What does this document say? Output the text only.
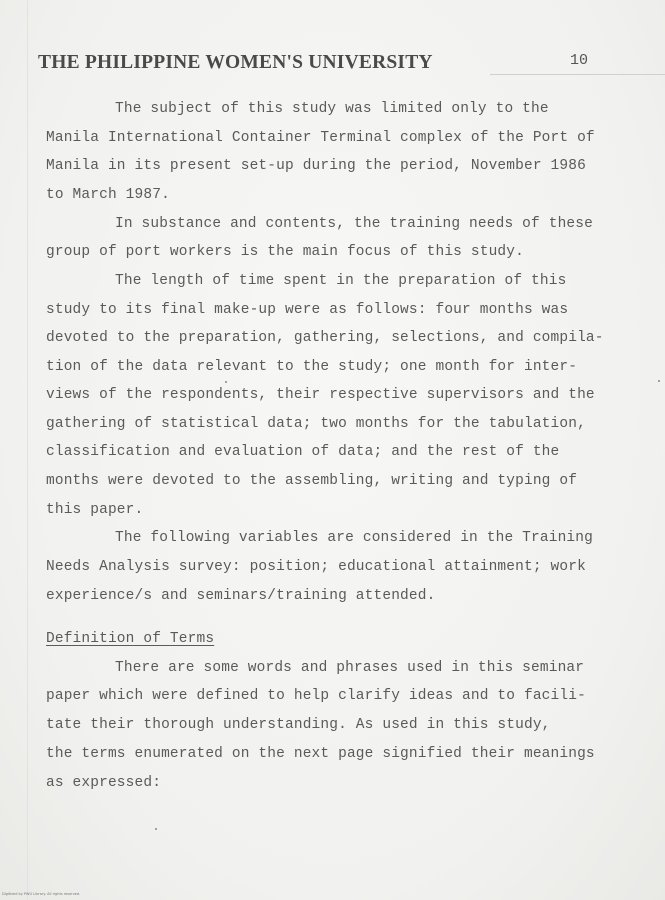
THE PHILIPPINE WOMEN'S UNIVERSITY	10
The subject of this study was limited only to the
Manila International Container Terminal complex of the Port of
Manila in its present set-up during the period, November 1986
to March 1987.
In substance and contents, the training needs of these
group of port workers is the main focus of this study.
The length of time spent in the preparation of this
study to its final make-up were as follows: four months was
devoted to the preparation, gathering, selections, and compila-
tion of the data relevant to the study; one month for inter-
views of the respondents, their respective supervisors and the
gathering of statistical data; two months for the tabulation,
classification and evaluation of data; and the rest of the
months were devoted to the assembling, writing and typing of
this paper.
The following variables are considered in the Training
Needs Analysis survey: position; educational attainment; work
experience/s and seminars/training attended.
Definition of Terms
There are some words and phrases used in this seminar
paper which were defined to help clarify ideas and to facili-
tate their thorough understanding. As used in this study,
the terms enumerated on the next page signified their meanings
as expressed:
Digitized by PWU Library. All rights reserved.
